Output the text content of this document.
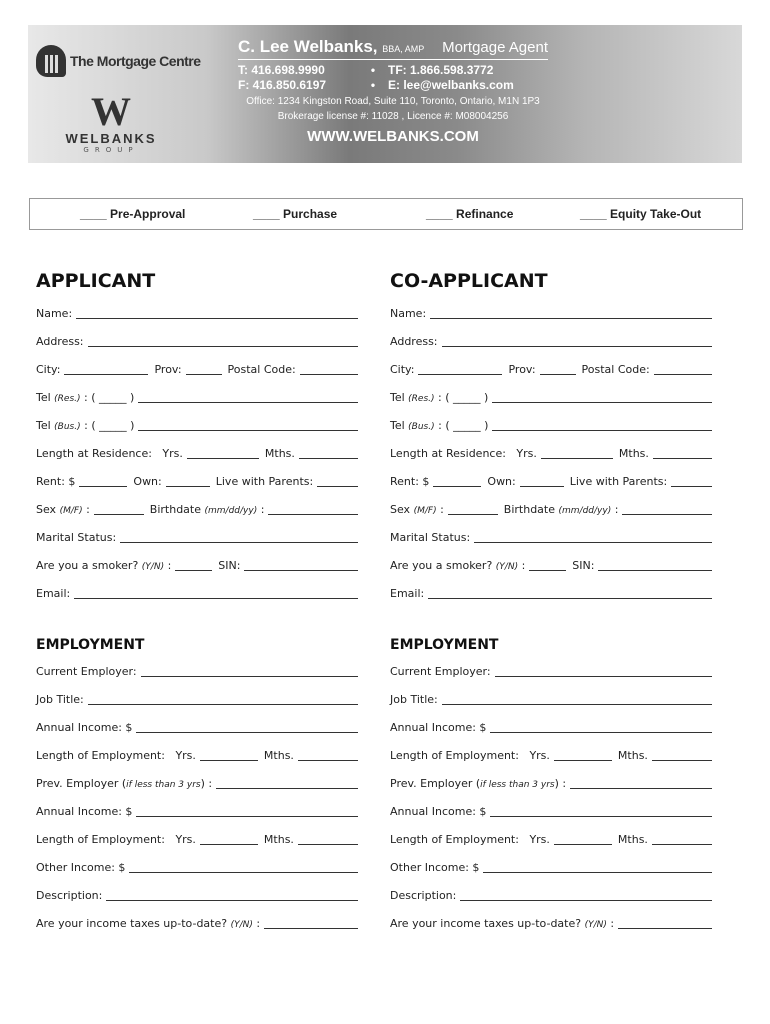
The Mortgage Centre
W
WELBANKS
GROUP
C. Lee Welbanks, BBA, AMP Mortgage Agent
T: 416.698.9990	•	TF: 1.866.598.3772
F: 416.850.6197	•	E: lee@welbanks.com
Office: 1234 Kingston Road, Suite 110, Toronto, Ontario, M1N 1P3
Brokerage license #: 11028 , Licence #: M08004256
WWW.WELBANKS.COM
____ Pre-Approval	____ Purchase	____ Refinance	____ Equity Take-Out
APPLICANT
EMPLOYMENT
Name:
Address:
City:	Prov:	Postal Code:
Tel (Res.) : ( _____ )
Tel (Bus.) : ( _____ )
Length at Residence:   Yrs.	Mths.
Rent: $	Own:	Live with Parents:
Sex (M/F) :	Birthdate (mm/dd/yy) :
Marital Status:
Are you a smoker? (Y/N) :	SIN:
Email:
Current Employer:
Job Title:
Annual Income: $
Length of Employment:   Yrs.	Mths.
Prev. Employer ( if less than 3 yrs ) :
Annual Income: $
Length of Employment:   Yrs.	Mths.
Other Income: $
Description:
Are your income taxes up-to-date? (Y/N) :
CO-APPLICANT
EMPLOYMENT
Name:
Address:
City:	Prov:	Postal Code:
Tel (Res.) : ( _____ )
Tel (Bus.) : ( _____ )
Length at Residence:   Yrs.	Mths.
Rent: $	Own:	Live with Parents:
Sex (M/F) :	Birthdate (mm/dd/yy) :
Marital Status:
Are you a smoker? (Y/N) :	SIN:
Email:
Current Employer:
Job Title:
Annual Income: $
Length of Employment:   Yrs.	Mths.
Prev. Employer ( if less than 3 yrs ) :
Annual Income: $
Length of Employment:   Yrs.	Mths.
Other Income: $
Description:
Are your income taxes up-to-date? (Y/N) :
